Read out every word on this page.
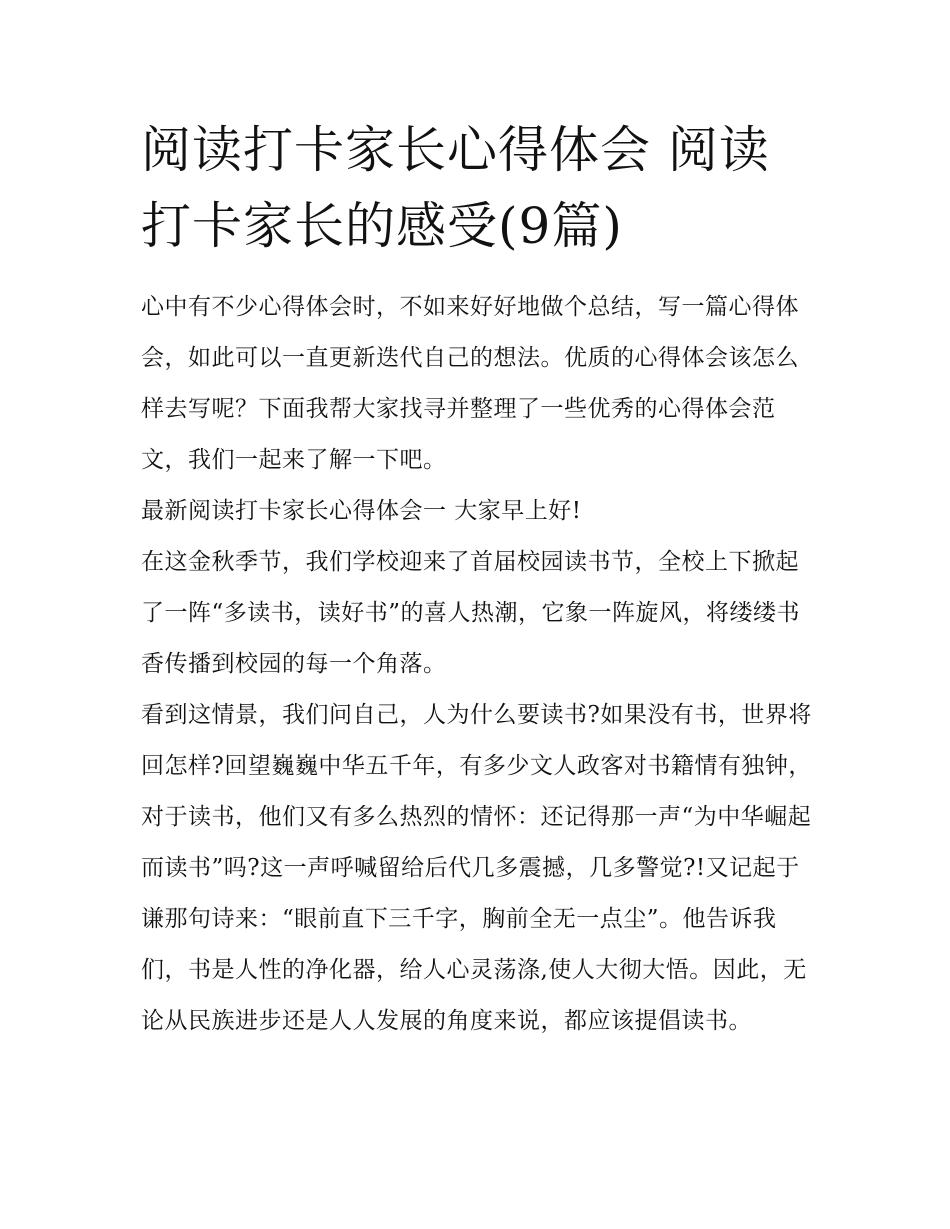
阅读打卡家长心得体会 阅读打卡家长的感受(9篇)

心中有不少心得体会时，不如来好好地做个总结，写一篇心得体会，如此可以一直更新迭代自己的想法。优质的心得体会该怎么样去写呢？下面我帮大家找寻并整理了一些优秀的心得体会范文，我们一起来了解一下吧。

最新阅读打卡家长心得体会一 大家早上好!

在这金秋季节，我们学校迎来了首届校园读书节，全校上下掀起了一阵“多读书，读好书”的喜人热潮，它象一阵旋风，将缕缕书香传播到校园的每一个角落。

看到这情景，我们问自己，人为什么要读书?如果没有书，世界将回怎样?回望巍巍中华五千年，有多少文人政客对书籍情有独钟，对于读书，他们又有多么热烈的情怀：还记得那一声“为中华崛起而读书”吗?这一声呼喊留给后代几多震撼，几多警觉?!又记起于谦那句诗来：“眼前直下三千字，胸前全无一点尘”。他告诉我们，书是人性的净化器，给人心灵荡涤,使人大彻大悟。因此，无论从民族进步还是人人发展的角度来说，都应该提倡读书。
